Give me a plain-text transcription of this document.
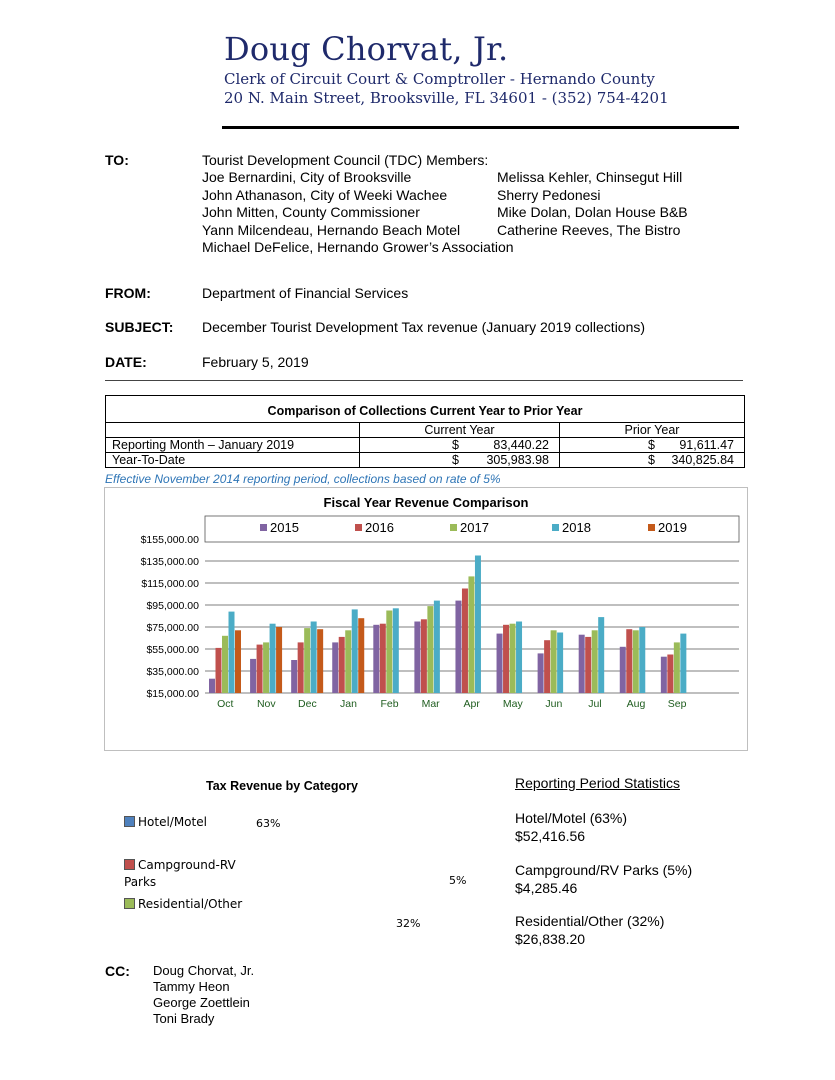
Doug Chorvat, Jr.
Clerk of Circuit Court & Comptroller - Hernando County
20 N. Main Street, Brooksville, FL 34601 - (352) 754-4201
TO:	Tourist Development Council (TDC) Members:
Joe Bernardini, City of Brooksville
John Athanason, City of Weeki Wachee
John Mitten, County Commissioner
Yann Milcendeau, Hernando Beach Motel
Michael DeFelice, Hernando Grower’s Association
Melissa Kehler, Chinsegut Hill
Sherry Pedonesi
Mike Dolan, Dolan House B&B
Catherine Reeves, The Bistro
FROM:	Department of Financial Services
SUBJECT: December Tourist Development Tax revenue (January 2019 collections)
DATE:	February 5, 2019
Comparison of Collections Current Year to Prior Year		
	Current Year	Prior Year
Reporting Month – January 2019	$ 83,440.22	$ 91,611.47

Year-To-Date	$ 305,983.98	$ 340,825.84
Effective November 2014 reporting period, collections based on rate of 5%
Fiscal Year Revenue Comparison
$155,000.00
$135,000.00
$115,000.00
$95,000.00
$75,000.00
$55,000.00
$35,000.00
$15,000.00
Oct Nov Dec Jan Feb Mar Apr May Jun Jul Aug Sep
2015	2016	2017	2018	2019
Tax Revenue by Category
Hotel/Motel
Campground-RV Parks
Residential/Other
63%
5%
32%
Reporting Period Statistics
Hotel/Motel (63%)
$52,416.56
Campground/RV Parks (5%)
$4,285.46
Residential/Other (32%)
$26,838.20
CC: Doug Chorvat, Jr.
Tammy Heon
George Zoettlein
Toni Brady
